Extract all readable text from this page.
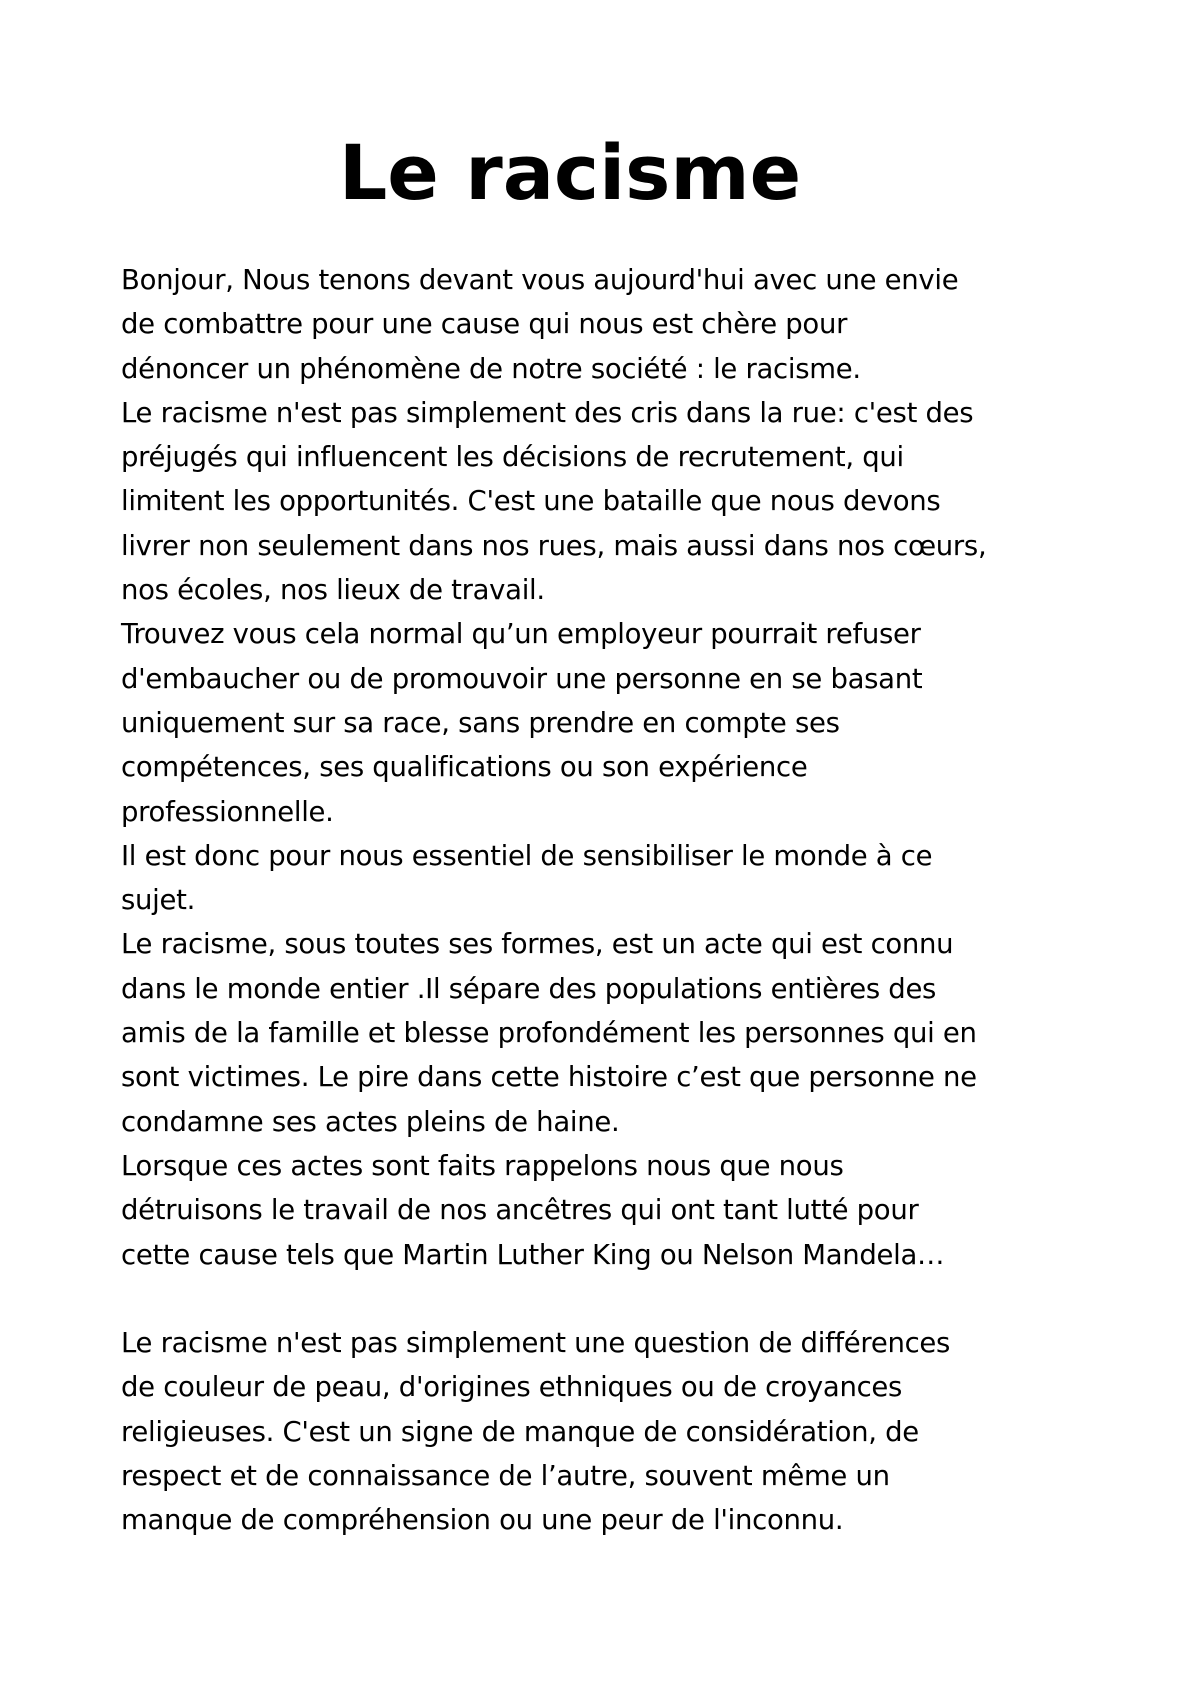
Le racisme
Bonjour, Nous tenons devant vous aujourd'hui avec une envie
de combattre pour une cause qui nous est chère pour
dénoncer un phénomène de notre société : le racisme.
Le racisme n'est pas simplement des cris dans la rue: c'est des
préjugés qui influencent les décisions de recrutement, qui
limitent les opportunités. C'est une bataille que nous devons
livrer non seulement dans nos rues, mais aussi dans nos cœurs,
nos écoles, nos lieux de travail.
Trouvez vous cela normal qu’un employeur pourrait refuser
d'embaucher ou de promouvoir une personne en se basant
uniquement sur sa race, sans prendre en compte ses
compétences, ses qualifications ou son expérience
professionnelle.
Il est donc pour nous essentiel de sensibiliser le monde à ce
sujet.
Le racisme, sous toutes ses formes, est un acte qui est connu
dans le monde entier .Il sépare des populations entières des
amis de la famille et blesse profondément les personnes qui en
sont victimes. Le pire dans cette histoire c’est que personne ne
condamne ses actes pleins de haine.
Lorsque ces actes sont faits rappelons nous que nous
détruisons le travail de nos ancêtres qui ont tant lutté pour
cette cause tels que Martin Luther King ou Nelson Mandela…
Le racisme n'est pas simplement une question de différences
de couleur de peau, d'origines ethniques ou de croyances
religieuses. C'est un signe de manque de considération, de
respect et de connaissance de l’autre, souvent même un
manque de compréhension ou une peur de l'inconnu.
